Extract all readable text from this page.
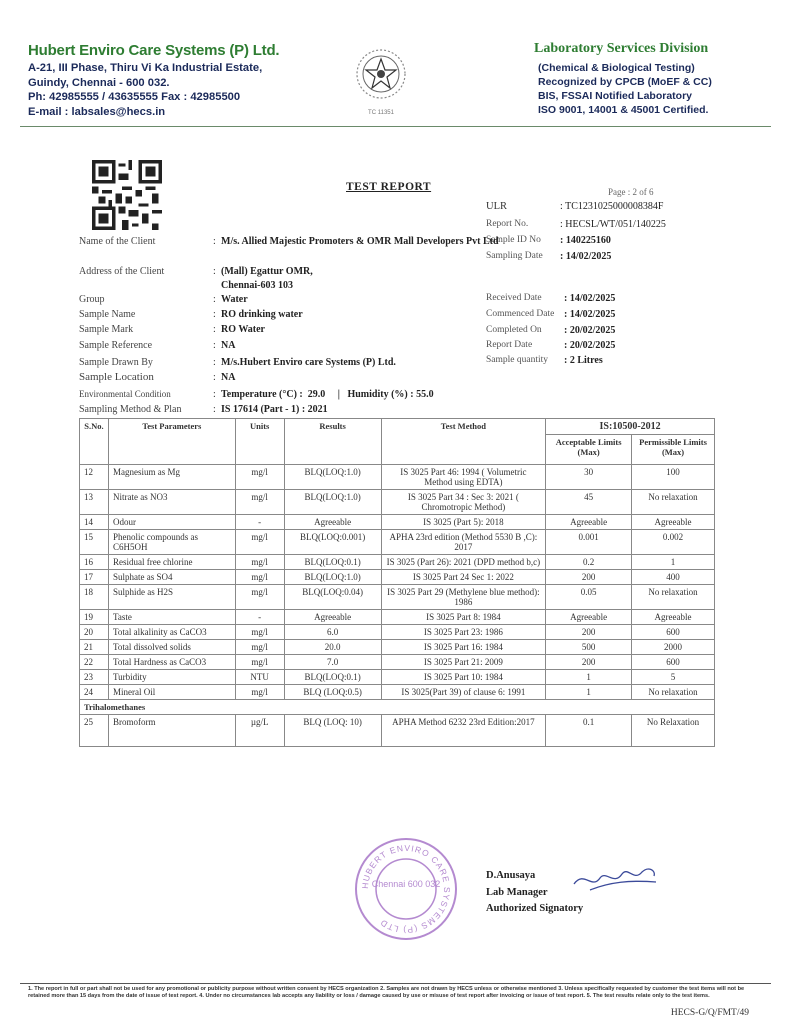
Hubert Enviro Care Systems (P) Ltd.
A-21, III Phase, Thiru Vi Ka Industrial Estate,
Guindy, Chennai - 600 032.
Ph: 42985555 / 43635555 Fax : 42985500
E-mail : labsales@hecs.in	TC 11351
Laboratory Services Division
(Chemical & Biological Testing)
Recognized by CPCB (MoEF & CC)
BIS, FSSAI Notified Laboratory
ISO 9001, 14001 & 45001 Certified.
TEST REPORT	Page : 2 of 6
ULR	: TC1231025000008384F
Report No.	: HECSL/WT/051/140225
Sample ID No : 140225160
Sampling Date : 14/02/2025
Received Date : 14/02/2025
Commenced Date : 14/02/2025
Completed On : 20/02/2025
Report Date	: 20/02/2025
Sample quantity : 2 Litres
Name of the Client	: M/s. Allied Majestic Promoters & OMR Mall Developers Pvt Ltd
Address of the Client	: (Mall) Egattur OMR,
Chennai-603 103
Group	: Water
Sample Name	: RO drinking water
Sample Mark	: RO Water
Sample Reference	: NA
Sample Drawn By	: M/s.Hubert Enviro care Systems (P) Ltd.
Sample Location	: NA
Environmental Condition	: Temperature (°C) :  29.0     |   Humidity (%) : 55.0
Sampling Method & Plan	: IS 17614 (Part - 1) : 2021
S.No.	Test Parameters	Units	Results	Test Method	IS:10500-2012	
					Acceptable Limits (Max)	Permissible Limits (Max)
12	Magnesium as Mg	mg/l	BLQ(LOQ:1.0)	IS 3025 Part 46: 1994 ( Volumetric Method using EDTA)	30	100
13	Nitrate as NO3	mg/l	BLQ(LOQ:1.0)	IS 3025 Part 34 : Sec 3: 2021 ( Chromotropic Method)	45	No relaxation
14	Odour	-	Agreeable	IS 3025 (Part 5): 2018	Agreeable	Agreeable
15	Phenolic compounds as C6H5OH	mg/l	BLQ(LOQ:0.001)	APHA 23rd edition (Method 5530 B ,C): 2017	0.001	0.002
16	Residual free chlorine	mg/l	BLQ(LOQ:0.1)	IS 3025 (Part 26): 2021 (DPD method b,c)	0.2	1
17	Sulphate as SO4	mg/l	BLQ(LOQ:1.0)	IS 3025 Part 24 Sec 1: 2022	200	400
18	Sulphide as H2S	mg/l	BLQ(LOQ:0.04)	IS 3025 Part 29 (Methylene blue method): 1986	0.05	No relaxation
19	Taste	-	Agreeable	IS 3025 Part 8: 1984	Agreeable	Agreeable
20	Total alkalinity as CaCO3	mg/l	6.0	IS 3025 Part 23: 1986	200	600
21	Total dissolved solids	mg/l	20.0	IS 3025 Part 16: 1984	500	2000
22	Total Hardness as CaCO3	mg/l	7.0	IS 3025 Part 21: 2009	200	600
23	Turbidity	NTU	BLQ(LOQ:0.1)	IS 3025 Part 10: 1984	1	5
24	Mineral Oil	mg/l	BLQ (LOQ:0.5)	IS 3025(Part 39) of clause 6: 1991	1	No relaxation
Trihalomethanes						
25	Bromoform	µg/L	BLQ (LOQ: 10)	APHA Method 6232 23rd Edition:2017	0.1	No Relaxation
HUBERT ENVIRO CARE SYSTEMS (P) LTD
Chennai 600 032
D.Anusaya
Lab Manager
Authorized Signatory
1. The report in full or part shall not be used for any promotional or publicity purpose without written consent by HECS organization 2. Samples are not drawn by HECS unless or otherwise mentioned 3. Unless specifically requested by customer the test items will not be retained more than 15 days from the date of issue of test report. 4. Under no circumstances lab accepts any liability or loss / damage caused by use or misuse of test report after invoicing or issue of test report. 5. The test results relate only to the test items.
HECS-G/Q/FMT/49
